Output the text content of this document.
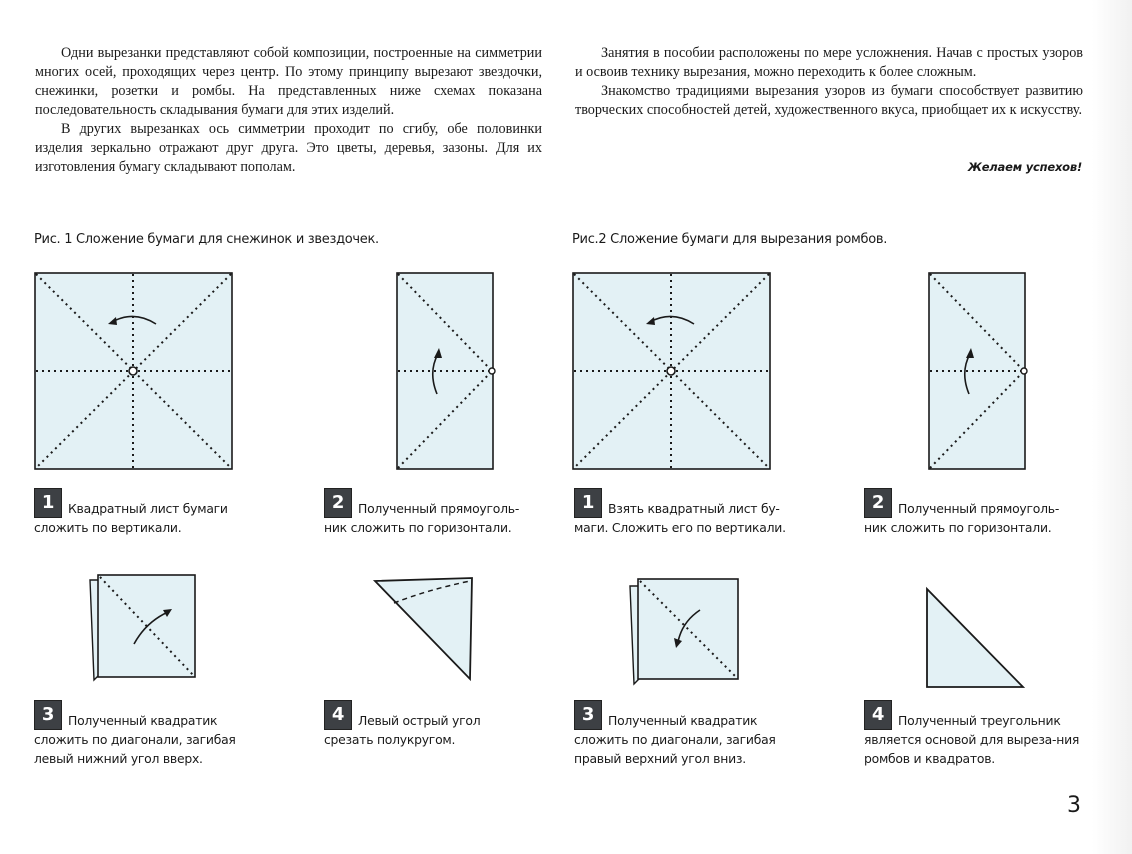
Одни вырезанки представляют собой композиции, построенные на симметрии многих осей, проходящих через центр. По этому принципу вырезают звездочки, снежинки, розетки и ромбы. На представленных ниже схемах показана последовательность складывания бумаги для этих изделий.

В других вырезанках ось симметрии проходит по сгибу, обе половинки изделия зеркально отражают друг друга. Это цветы, деревья, зазоны. Для их изготовления бумагу складывают пополам.

Занятия в пособии расположены по мере усложнения. Начав с простых узоров и освоив технику вырезания, можно переходить к более сложным.

Знакомство традициями вырезания узоров из бумаги способствует развитию творческих способностей детей, художественного вкуса, приобщает их к искусству.

Желаем успехов!
Рис. 1 Сложение бумаги для снежинок и звездочек.	Рис.2 Сложение бумаги для вырезания ромбов.
1 Квадратный лист бумаги
сложить по вертикали.
2 Полученный прямоуголь-
ник сложить по горизонтали.
3 Полученный квадратик
сложить по диагонали, загибая левый нижний угол вверх.
4 Левый острый угол
срезать полукругом.
1 Взять квадратный лист бу-
маги. Сложить его по вертикали.
2 Полученный прямоуголь-
ник сложить по горизонтали.
3 Полученный квадратик
сложить по диагонали, загибая правый верхний угол вниз.
4 Полученный треугольник
является основой для выреза-ния ромбов и квадратов.
3
